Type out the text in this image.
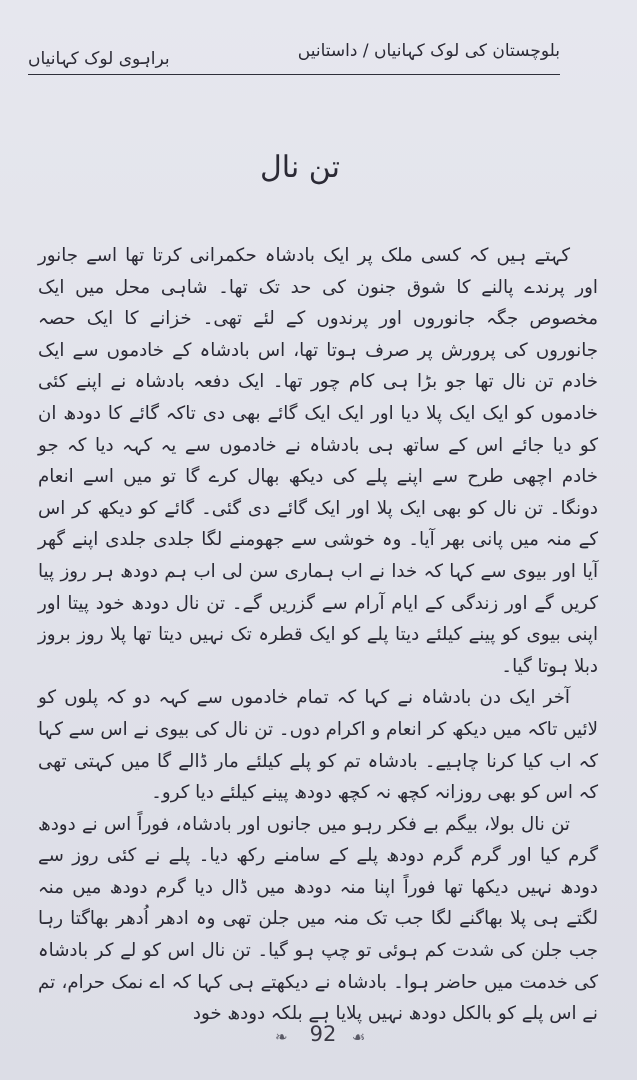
بلوچستان کی لوک کہانیاں / داستانیں
براہوی لوک کہانیاں
تن نال

کہتے ہیں کہ کسی ملک پر ایک بادشاہ حکمرانی کرتا تھا اسے جانور اور پرندے پالنے کا شوق جنون کی حد تک تھا۔ شاہی محل میں ایک مخصوص جگہ جانوروں اور پرندوں کے لئے تھی۔ خزانے کا ایک حصہ جانوروں کی پرورش پر صرف ہوتا تھا، اس بادشاہ کے خادموں سے ایک خادم تن نال تھا جو بڑا ہی کام چور تھا۔ ایک دفعہ بادشاہ نے اپنے کئی خادموں کو ایک ایک پلا دیا اور ایک ایک گائے بھی دی تاکہ گائے کا دودھ ان کو دیا جائے اس کے ساتھ ہی بادشاہ نے خادموں سے یہ کہہ دیا کہ جو خادم اچھی طرح سے اپنے پلے کی دیکھ بھال کرے گا تو میں اسے انعام دونگا۔ تن نال کو بھی ایک پلا اور ایک گائے دی گئی۔ گائے کو دیکھ کر اس کے منہ میں پانی بھر آیا۔ وہ خوشی سے جھومنے لگا جلدی جلدی اپنے گھر آیا اور بیوی سے کہا کہ خدا نے اب ہماری سن لی اب ہم دودھ ہر روز پیا کریں گے اور زندگی کے ایام آرام سے گزریں گے۔ تن نال دودھ خود پیتا اور اپنی بیوی کو پینے کیلئے دیتا پلے کو ایک قطرہ تک نہیں دیتا تھا پلا روز بروز دبلا ہوتا گیا۔

آخر ایک دن بادشاہ نے کہا کہ تمام خادموں سے کہہ دو کہ پلوں کو لائیں تاکہ میں دیکھ کر انعام و اکرام دوں۔ تن نال کی بیوی نے اس سے کہا کہ اب کیا کرنا چاہیے۔ بادشاہ تم کو پلے کیلئے مار ڈالے گا میں کہتی تھی کہ اس کو بھی روزانہ کچھ نہ کچھ دودھ پینے کیلئے دیا کرو۔

تن نال بولا، بیگم بے فکر رہو میں جانوں اور بادشاہ، فوراً اس نے دودھ گرم کیا اور گرم گرم دودھ پلے کے سامنے رکھ دیا۔ پلے نے کئی روز سے دودھ نہیں دیکھا تھا فوراً اپنا منہ دودھ میں ڈال دیا گرم دودھ میں منہ لگتے ہی پلا بھاگنے لگا جب تک منہ میں جلن تھی وہ ادھر اُدھر بھاگتا رہا جب جلن کی شدت کم ہوئی تو چپ ہو گیا۔ تن نال اس کو لے کر بادشاہ کی خدمت میں حاضر ہوا۔ بادشاہ نے دیکھتے ہی کہا کہ اے نمک حرام، تم نے اس پلے کو بالکل دودھ نہیں پلایا ہے بلکہ دودھ خود

❧	92	☙
